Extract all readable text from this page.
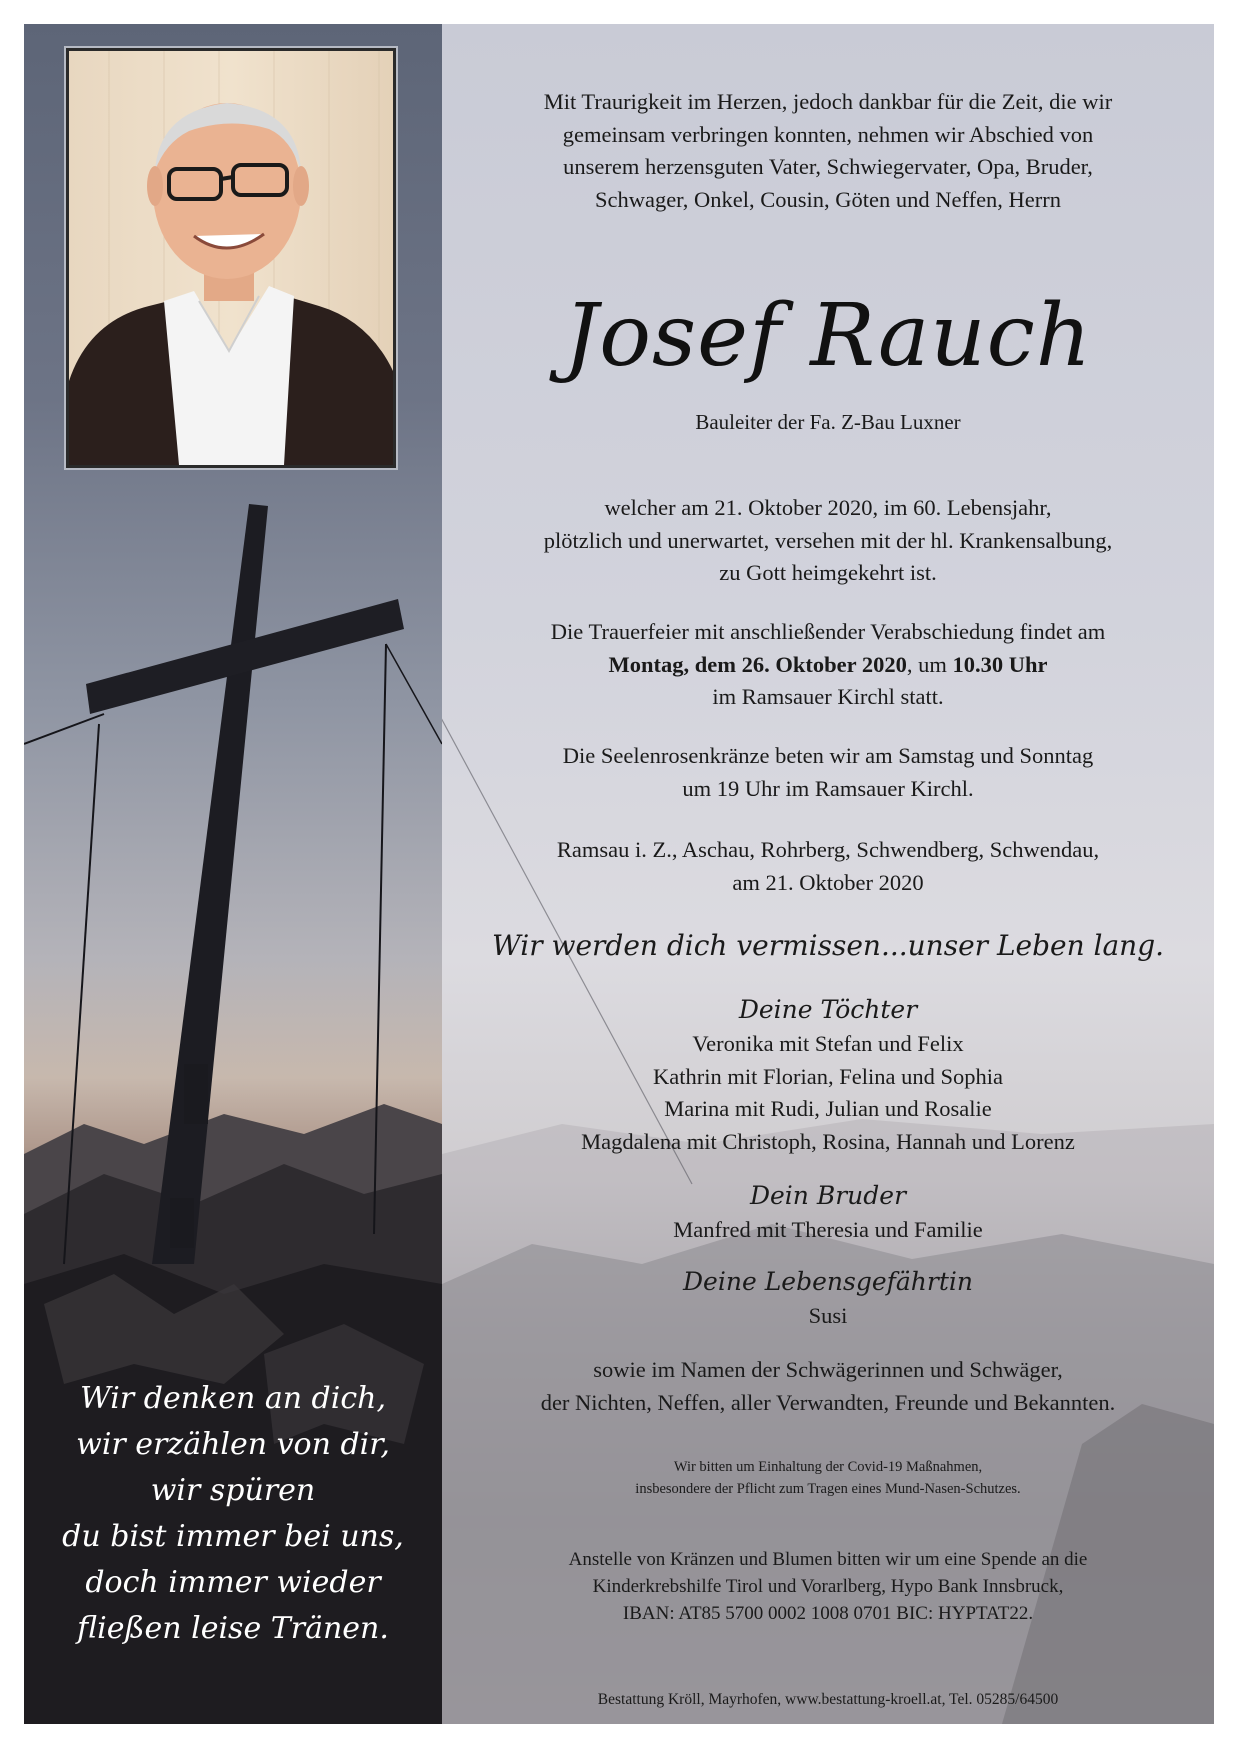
Wir denken an dich,
wir erzählen von dir,
wir spüren
du bist immer bei uns,
doch immer wieder
fließen leise Tränen.
Mit Traurigkeit im Herzen, jedoch dankbar für die Zeit, die wir
gemeinsam verbringen konnten, nehmen wir Abschied von
unserem herzensguten Vater, Schwiegervater, Opa, Bruder,
Schwager, Onkel, Cousin, Göten und Neffen, Herrn
Josef Rauch
Bauleiter der Fa. Z-Bau Luxner
welcher am 21. Oktober 2020, im 60. Lebensjahr,
plötzlich und unerwartet, versehen mit der hl. Krankensalbung,
zu Gott heimgekehrt ist.
Die Trauerfeier mit anschließender Verabschiedung findet am
Montag, dem 26. Oktober 2020, um 10.30 Uhr
im Ramsauer Kirchl statt.
Die Seelenrosenkränze beten wir am Samstag und Sonntag
um 19 Uhr im Ramsauer Kirchl.
Ramsau i. Z., Aschau, Rohrberg, Schwendberg, Schwendau,
am 21. Oktober 2020
Wir werden dich vermissen...unser Leben lang.
Deine Töchter
Veronika mit Stefan und Felix
Kathrin mit Florian, Felina und Sophia
Marina mit Rudi, Julian und Rosalie
Magdalena mit Christoph, Rosina, Hannah und Lorenz
Dein Bruder
Manfred mit Theresia und Familie
Deine Lebensgefährtin
Susi
sowie im Namen der Schwägerinnen und Schwäger,
der Nichten, Neffen, aller Verwandten, Freunde und Bekannten.
Wir bitten um Einhaltung der Covid-19 Maßnahmen,
insbesondere der Pflicht zum Tragen eines Mund-Nasen-Schutzes.
Anstelle von Kränzen und Blumen bitten wir um eine Spende an die
Kinderkrebshilfe Tirol und Vorarlberg, Hypo Bank Innsbruck,
IBAN: AT85 5700 0002 1008 0701 BIC: HYPTAT22.
Bestattung Kröll, Mayrhofen, www.bestattung-kroell.at, Tel. 05285/64500
